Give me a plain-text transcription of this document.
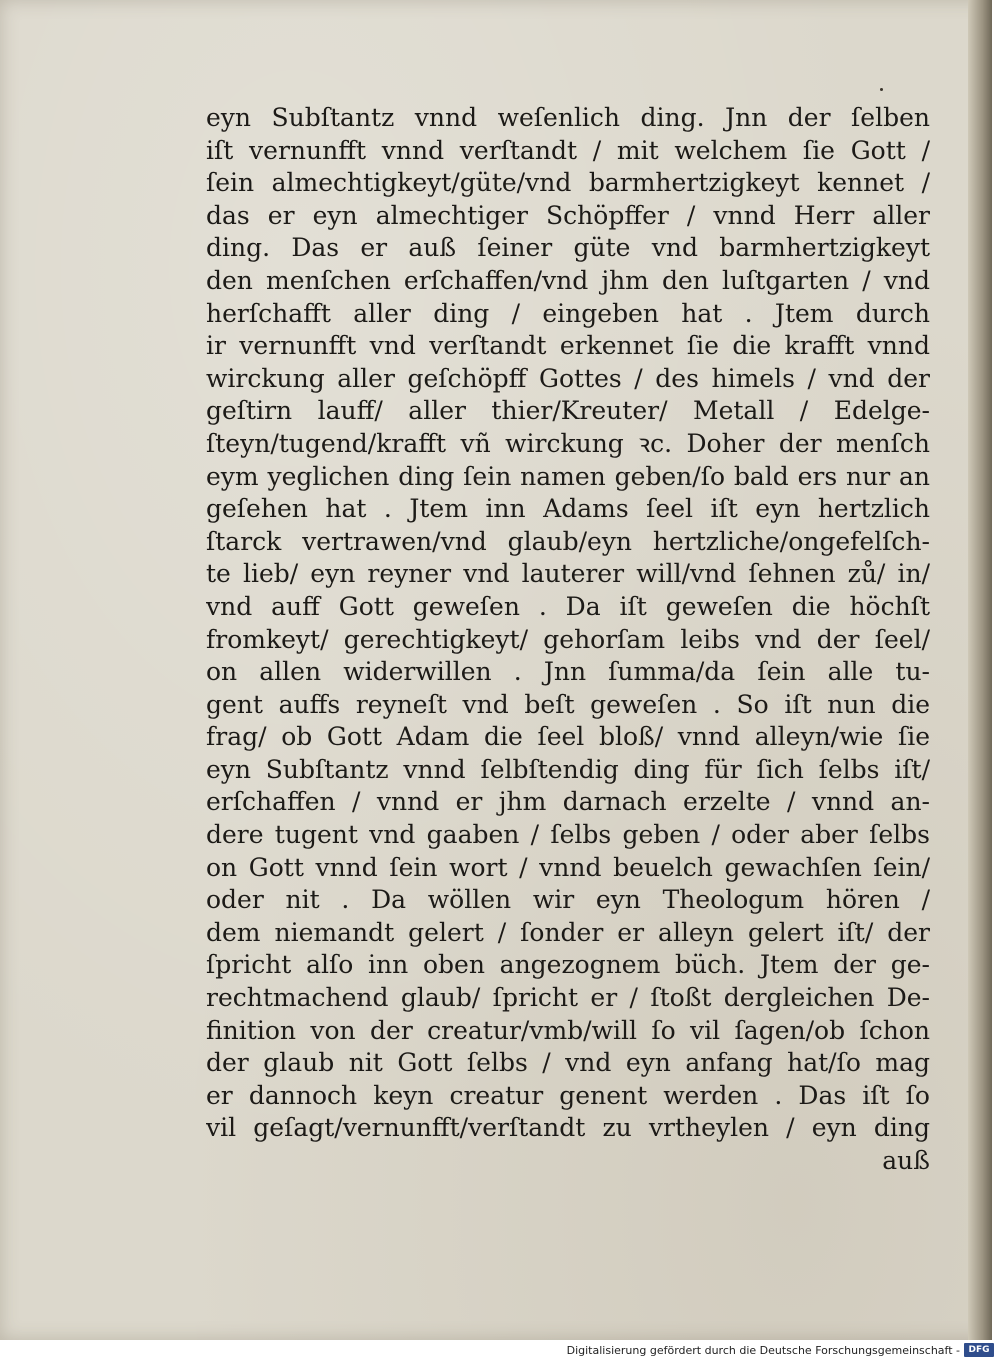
eyn Subſtantz vnnd weſenlich ding. Jnn der ſelben
iſt vernunfft vnnd verſtandt / mit welchem ſie Gott /
ſein almechtigkeyt/güte/vnd barmhertzigkeyt kennet /
das er eyn almechtiger Schöpffer / vnnd Herr aller
ding. Das er auß ſeiner güte vnd barmhertzigkeyt
den menſchen erſchaffen/vnd jhm den luſtgarten / vnd
herſchafft aller ding / eingeben hat . Jtem durch
ir vernunfft vnd verſtandt erkennet ſie die krafft vnnd
wirckung aller geſchöpff Gottes / des himels / vnd der
geſtirn lauff/ aller thier/Kreuter/ Metall / Edelge-
ſteyn/tugend/krafft vñ wirckung ꝛc. Doher der menſch
eym yeglichen ding ſein namen geben/ſo bald ers nur an
geſehen hat . Jtem inn Adams ſeel iſt eyn hertzlich
ſtarck vertrawen/vnd glaub/eyn hertzliche/ongefelſch-
te lieb/ eyn reyner vnd lauterer will/vnd ſehnen zů/ in/
vnd auff Gott geweſen . Da iſt geweſen die höchſt
fromkeyt/ gerechtigkeyt/ gehorſam leibs vnd der ſeel/
on allen widerwillen . Jnn ſumma/da ſein alle tu-
gent auffs reyneſt vnd beſt geweſen . So iſt nun die
frag/ ob Gott Adam die ſeel bloß/ vnnd alleyn/wie ſie
eyn Subſtantz vnnd ſelbſtendig ding für ſich ſelbs iſt/
erſchaffen / vnnd er jhm darnach erzelte / vnnd an-
dere tugent vnd gaaben / ſelbs geben / oder aber ſelbs
on Gott vnnd ſein wort / vnnd beuelch gewachſen ſein/
oder nit . Da wöllen wir eyn Theologum hören /
dem niemandt gelert / ſonder er alleyn gelert iſt/ der
ſpricht alſo inn oben angezognem büch. Jtem der ge-
rechtmachend glaub/ ſpricht er / ſtoßt dergleichen De-
finition von der creatur/vmb/will ſo vil ſagen/ob ſchon
der glaub nit Gott ſelbs / vnd eyn anfang hat/ſo mag
er dannoch keyn creatur genent werden . Das iſt ſo
vil geſagt/vernunfft/verſtandt zu vrtheylen / eyn ding
auß
Digitalisierung gefördert durch die Deutsche Forschungsgemeinschaft - DFG
